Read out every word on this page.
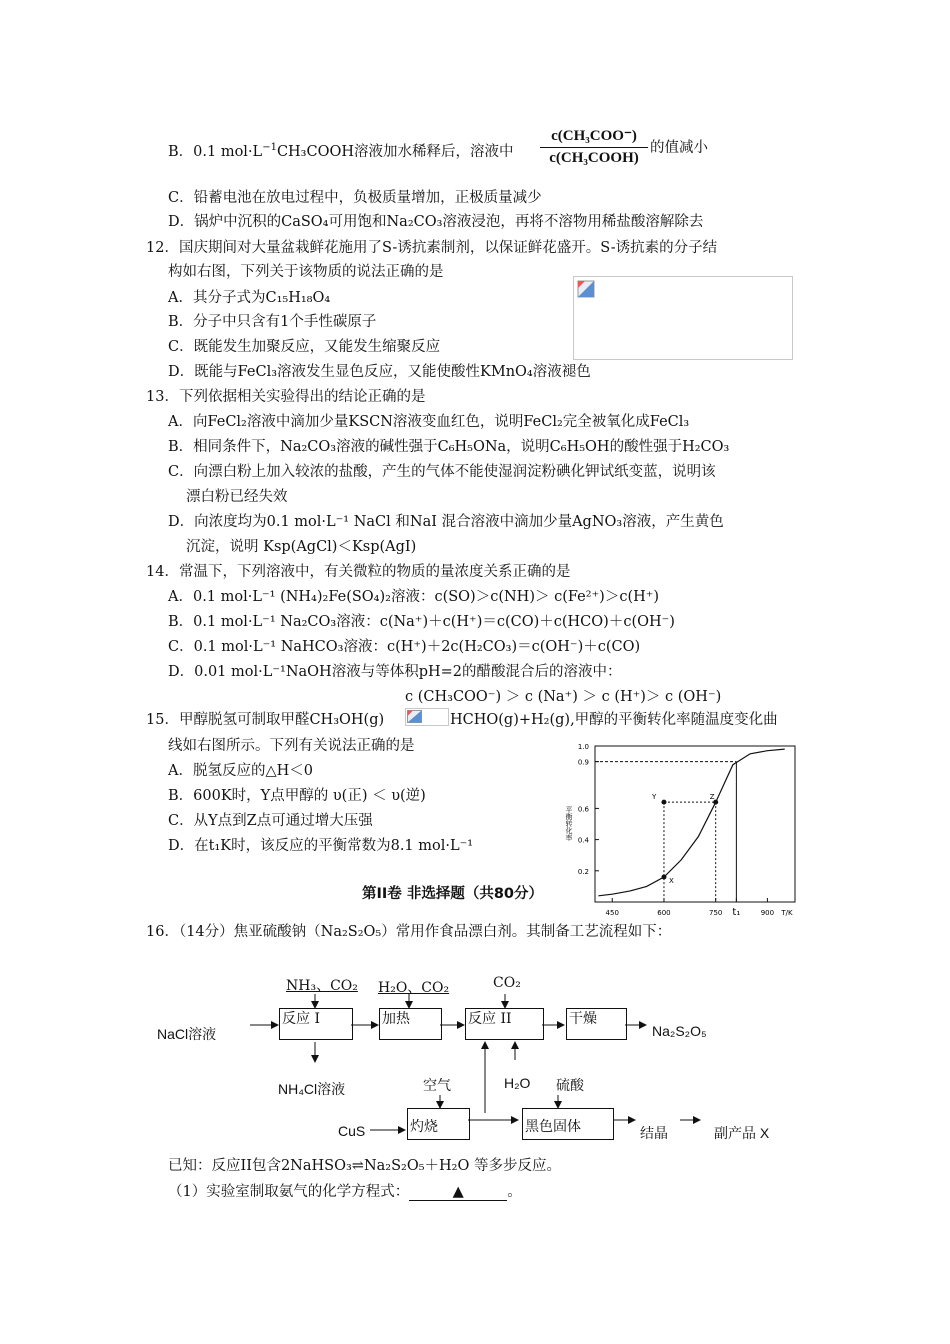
B．0.1 $mol\cdot L^{-1}CH_3COOH$溶液加水稀释后，溶液中
c(CH₃COO⁻)
c(CH₃COOH)
的值减小
C．铅蓄电池在放电过程中，负极质量增加，正极质量减少
D．锅炉中沉积的CaSO₄可用饱和Na₂CO₃溶液浸泡，再将不溶物用稀盐酸溶解除去
12．国庆期间对大量盆栽鲜花施用了S-诱抗素制剂，以保证鲜花盛开。S-诱抗素的分子结
构如右图，下列关于该物质的说法正确的是
A．其分子式为C₁₅H₁₈O₄
B．分子中只含有1个手性碳原子
C．既能发生加聚反应，又能发生缩聚反应
D．既能与FeCl₃溶液发生显色反应，又能使酸性KMnO₄溶液褪色
13．下列依据相关实验得出的结论正确的是
A．向FeCl₂溶液中滴加少量KSCN溶液变血红色，说明FeCl₂完全被氧化成FeCl₃
B．相同条件下，Na₂CO₃溶液的碱性强于C₆H₅ONa，说明C₆H₅OH的酸性强于H₂CO₃
C．向漂白粉上加入较浓的盐酸，产生的气体不能使湿润淀粉碘化钾试纸变蓝，说明该
漂白粉已经失效
D．向浓度均为0.1 mol·L⁻¹ NaCl 和NaI 混合溶液中滴加少量AgNO₃溶液，产生黄色
沉淀，说明 Ksp(AgCl)＜Ksp(AgI)
14．常温下，下列溶液中，有关微粒的物质的量浓度关系正确的是
A．0.1 mol·L⁻¹ (NH₄)₂Fe(SO₄)₂溶液：c(SO)＞c(NH)＞ c(Fe²⁺)＞c(H⁺)
B．0.1 mol·L⁻¹ Na₂CO₃溶液：c(Na⁺)＋c(H⁺)＝c(CO)＋c(HCO)＋c(OH⁻)
C．0.1 mol·L⁻¹ NaHCO₃溶液：c(H⁺)＋2c(H₂CO₃)＝c(OH⁻)＋c(CO)
D．0.01 mol·L⁻¹NaOH溶液与等体积pH=2的醋酸混合后的溶液中：
c (CH₃COO⁻) ＞ c (Na⁺) ＞ c (H⁺)＞ c (OH⁻)
15．甲醇脱氢可制取甲醛CH₃OH(g)	HCHO(g)+H₂(g),甲醇的平衡转化率随温度变化曲
线如右图所示。下列有关说法正确的是
A．脱氢反应的△H＜0
B．600K时，Y点甲醇的 υ(正) ＜ υ(逆)
C．从Y点到Z点可通过增大压强
D．在t₁K时，该反应的平衡常数为8.1 mol·L⁻¹
第II卷 非选择题（共80分）
1.0
0.9
0.6
0.4
0.2
450	600	750 t₁	900 T/K
平衡转化率
X
Y	Z
16．（14分）焦亚硫酸钠（Na₂S₂O₅）常用作食品漂白剂。其制备工艺流程如下：
NH₃、CO₂ H₂O、CO₂	CO₂
NaCl溶液
反应 I	加热	反应 II	干燥
Na₂S₂O₅
NH₄Cl溶液	空气	H₂O 硫酸
CuS	灼烧	黑色固体	结晶	副产品 X
已知：反应II包含2NaHSO₃⇌Na₂S₂O₅＋H₂O 等多步反应。
（1）实验室制取氨气的化学方程式：	▲	。
